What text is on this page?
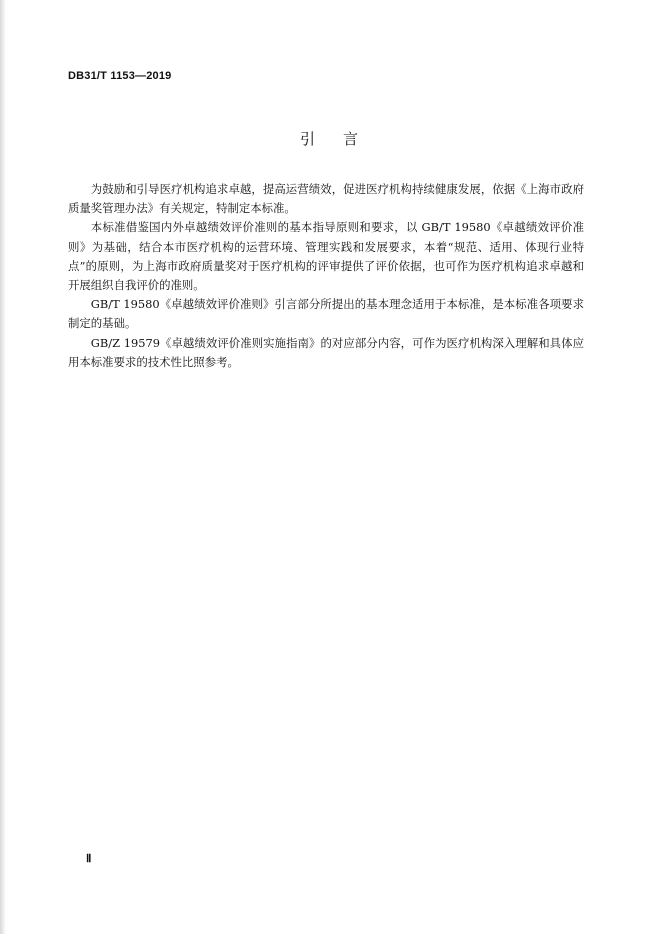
DB31/T 1153—2019
引言

为鼓励和引导医疗机构追求卓越，提高运营绩效，促进医疗机构持续健康发展，依据《上海市政府质量奖管理办法》有关规定，特制定本标准。

本标准借鉴国内外卓越绩效评价准则的基本指导原则和要求，以 GB/T 19580《卓越绩效评价准则》为基础，结合本市医疗机构的运营环境、管理实践和发展要求，本着“规范、适用、体现行业特点”的原则，为上海市政府质量奖对于医疗机构的评审提供了评价依据，也可作为医疗机构追求卓越和开展组织自我评价的准则。

GB/T 19580《卓越绩效评价准则》引言部分所提出的基本理念适用于本标准，是本标准各项要求制定的基础。

GB/Z 19579《卓越绩效评价准则实施指南》的对应部分内容，可作为医疗机构深入理解和具体应用本标准要求的技术性比照参考。

Ⅱ
